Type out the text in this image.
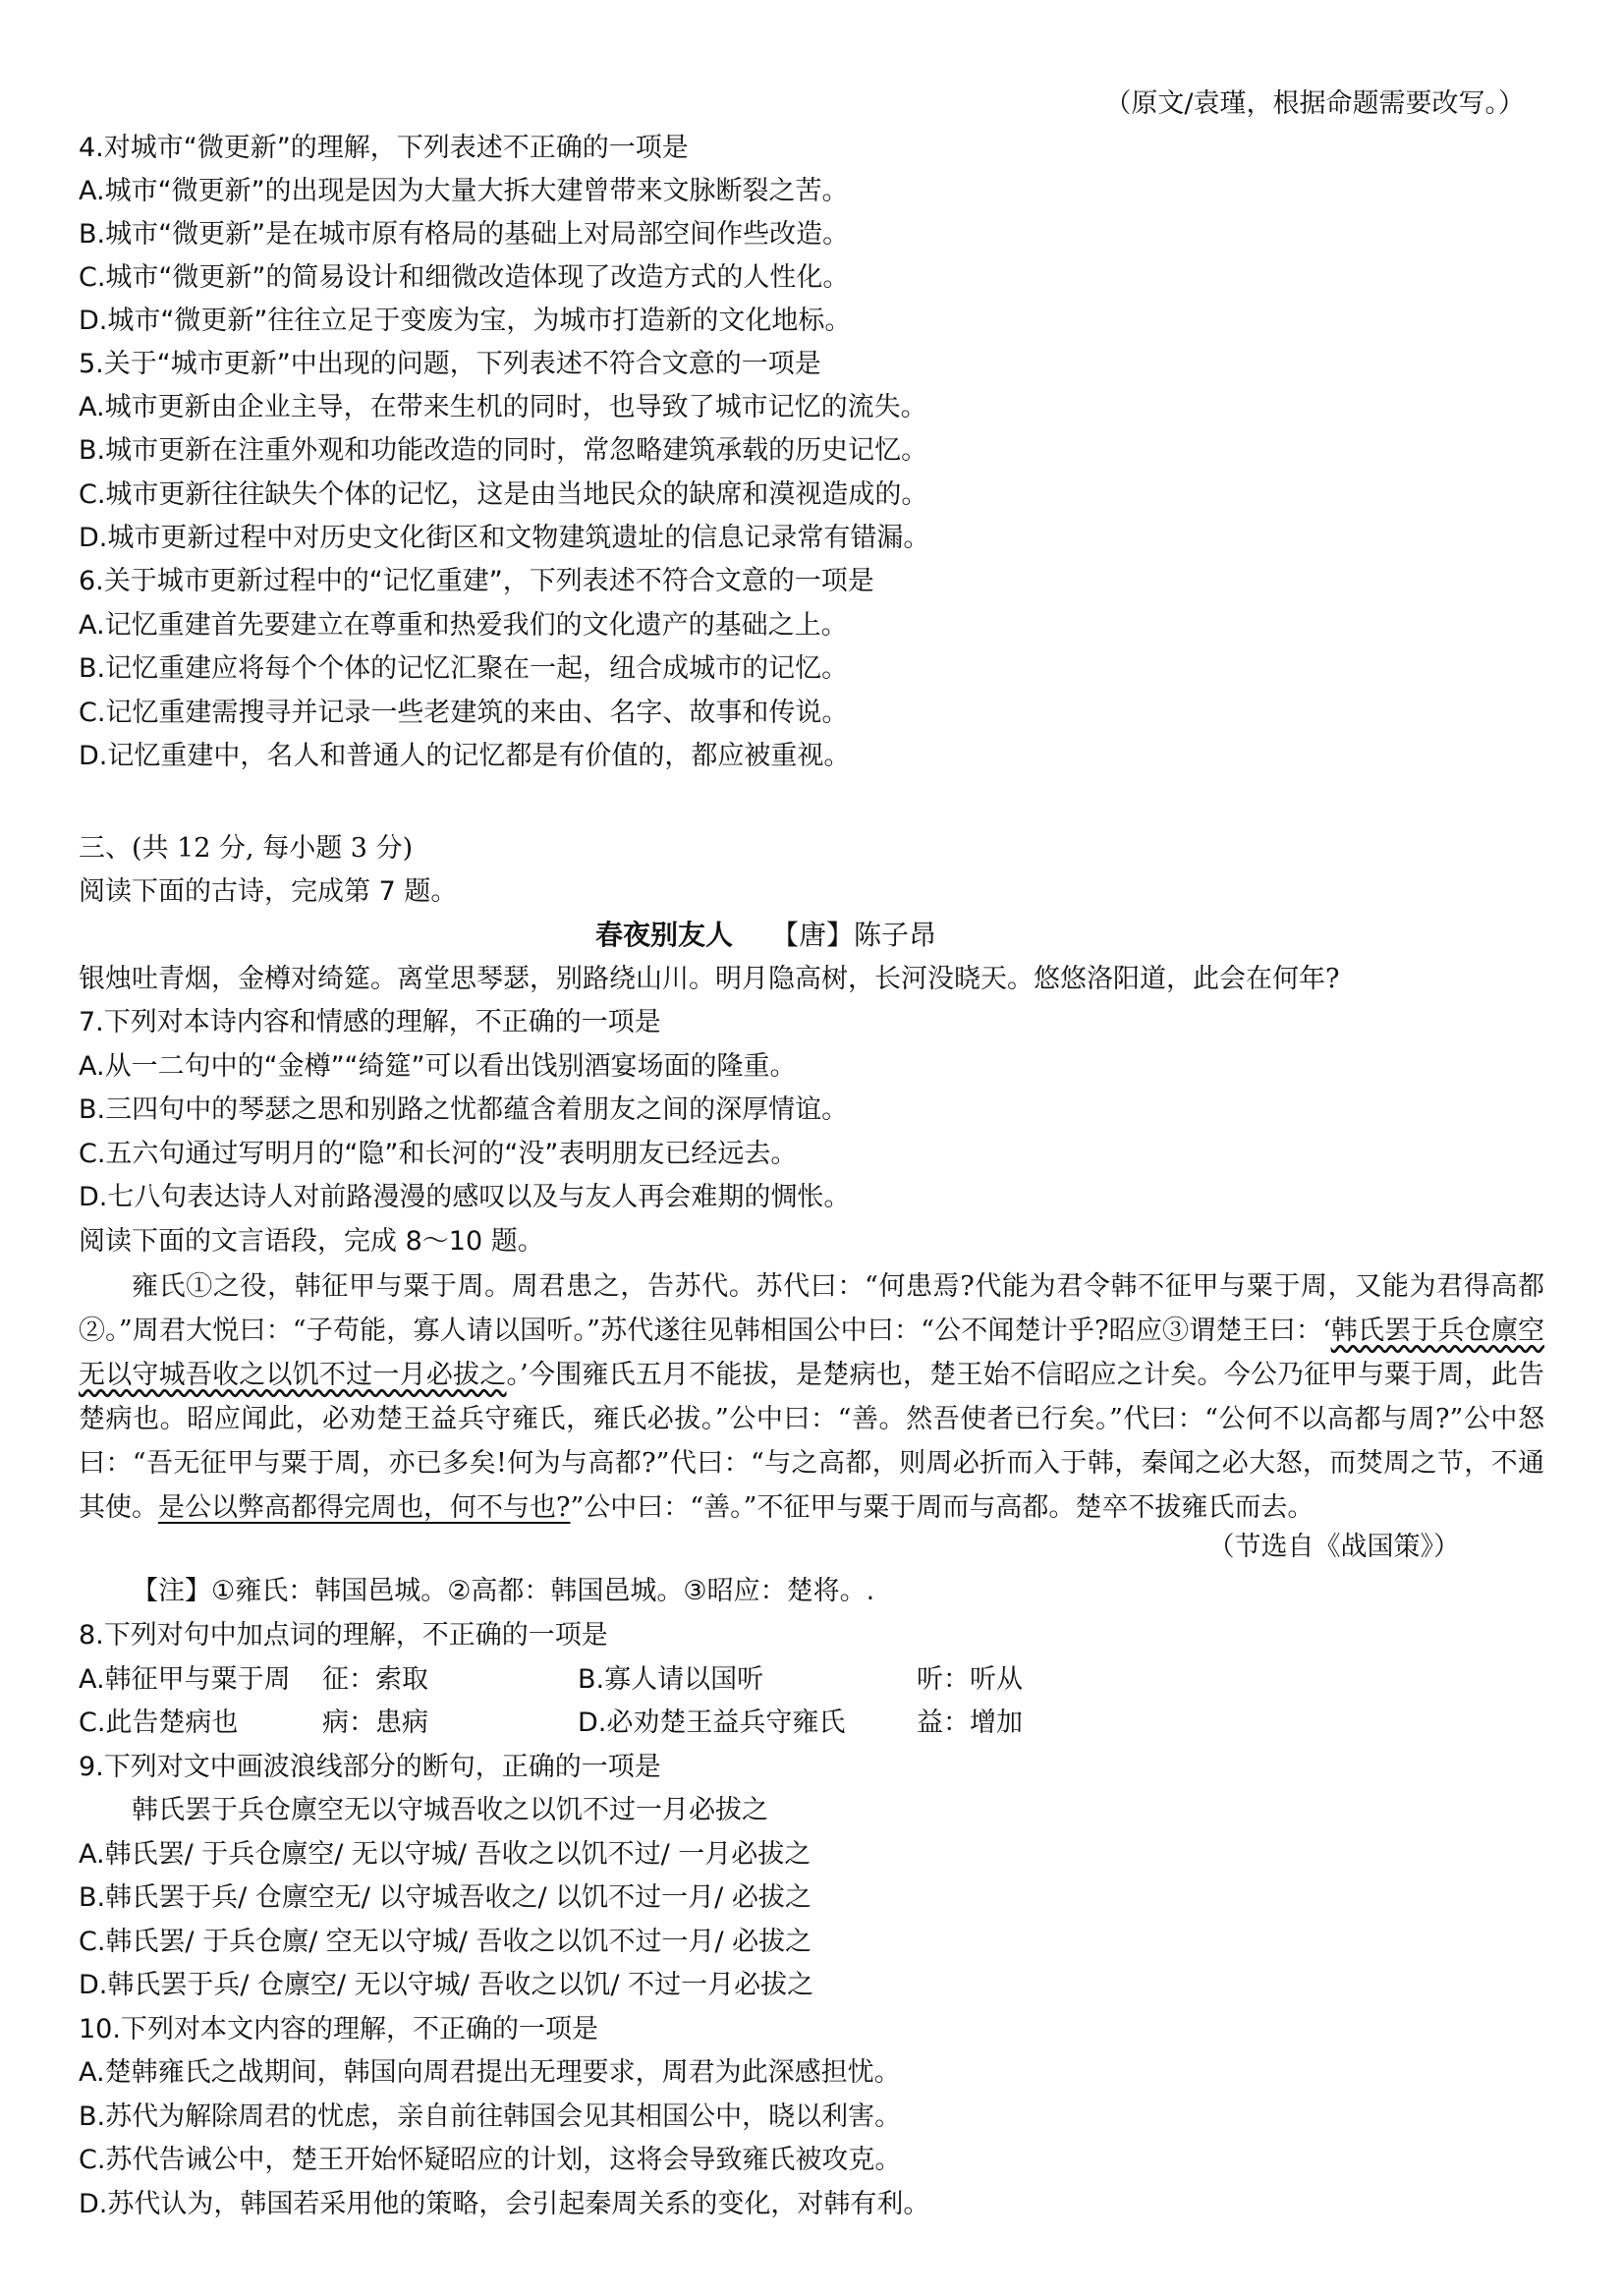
（原文/袁瑾，根据命题需要改写。）
4.对城市“微更新”的理解，下列表述不正确的一项是
A.城市“微更新”的出现是因为大量大拆大建曾带来文脉断裂之苦。
B.城市“微更新”是在城市原有格局的基础上对局部空间作些改造。
C.城市“微更新”的简易设计和细微改造体现了改造方式的人性化。
D.城市“微更新”往往立足于变废为宝，为城市打造新的文化地标。
5.关于“城市更新”中出现的问题，下列表述不符合文意的一项是
A.城市更新由企业主导，在带来生机的同时，也导致了城市记忆的流失。
B.城市更新在注重外观和功能改造的同时，常忽略建筑承载的历史记忆。
C.城市更新往往缺失个体的记忆，这是由当地民众的缺席和漠视造成的。
D.城市更新过程中对历史文化街区和文物建筑遗址的信息记录常有错漏。
6.关于城市更新过程中的“记忆重建”，下列表述不符合文意的一项是
A.记忆重建首先要建立在尊重和热爱我们的文化遗产的基础之上。
B.记忆重建应将每个个体的记忆汇聚在一起，纽合成城市的记忆。
C.记忆重建需搜寻并记录一些老建筑的来由、名字、故事和传说。
D.记忆重建中，名人和普通人的记忆都是有价值的，都应被重视。
三、(共 12 分, 每小题 3 分)
阅读下面的古诗，完成第 7 题。
春夜别友人 【唐】陈子昂
银烛吐青烟，金樽对绮筵。离堂思琴瑟，别路绕山川。明月隐高树，长河没晓天。悠悠洛阳道，此会在何年?
7.下列对本诗内容和情感的理解，不正确的一项是
A.从一二句中的“金樽”“绮筵”可以看出饯别酒宴场面的隆重。
B.三四句中的琴瑟之思和别路之忧都蕴含着朋友之间的深厚情谊。
C.五六句通过写明月的“隐”和长河的“没”表明朋友已经远去。
D.七八句表达诗人对前路漫漫的感叹以及与友人再会难期的惆怅。
阅读下面的文言语段，完成 8～10 题。
雍氏①之役，韩征甲与粟于周。周君患之，告苏代。苏代曰：“何患焉?代能为君令韩不征甲与粟于周，又能为君得高都②。”周君大悦曰：“子苟能，寡人请以国听。”苏代遂往见韩相国公中曰：“公不闻楚计乎?昭应③谓楚王曰：‘韩氏罢于兵仓廪空无以守城吾收之以饥不过一月必拔之。’今围雍氏五月不能拔，是楚病也，楚王始不信昭应之计矣。今公乃征甲与粟于周，此告楚病也。昭应闻此，必劝楚王益兵守雍氏，雍氏必拔。”公中曰：“善。然吾使者已行矣。”代曰：“公何不以高都与周?”公中怒曰：“吾无征甲与粟于周，亦已多矣!何为与高都?”代曰：“与之高都，则周必折而入于韩，秦闻之必大怒，而焚周之节，不通其使。是公以弊高都得完周也，何不与也?”公中曰：“善。”不征甲与粟于周而与高都。楚卒不拔雍氏而去。
（节选自《战国策》）
【注】①雍氏：韩国邑城。②高都：韩国邑城。③昭应：楚将。.
8.下列对句中加点词的理解，不正确的一项是
A.韩征甲与粟于周 征：索取	B.寡人请以国听	听：听从
C.此告楚病也	病：患病	D.必劝楚王益兵守雍氏	益：增加
9.下列对文中画波浪线部分的断句，正确的一项是
韩氏罢于兵仓廪空无以守城吾收之以饥不过一月必拔之
A.韩氏罢/ 于兵仓廪空/ 无以守城/ 吾收之以饥不过/ 一月必拔之
B.韩氏罢于兵/ 仓廪空无/ 以守城吾收之/ 以饥不过一月/ 必拔之
C.韩氏罢/ 于兵仓廪/ 空无以守城/ 吾收之以饥不过一月/ 必拔之
D.韩氏罢于兵/ 仓廪空/ 无以守城/ 吾收之以饥/ 不过一月必拔之
10.下列对本文内容的理解，不正确的一项是
A.楚韩雍氏之战期间，韩国向周君提出无理要求，周君为此深感担忧。
B.苏代为解除周君的忧虑，亲自前往韩国会见其相国公中，晓以利害。
C.苏代告诫公中，楚王开始怀疑昭应的计划，这将会导致雍氏被攻克。
D.苏代认为，韩国若采用他的策略，会引起秦周关系的变化，对韩有利。
